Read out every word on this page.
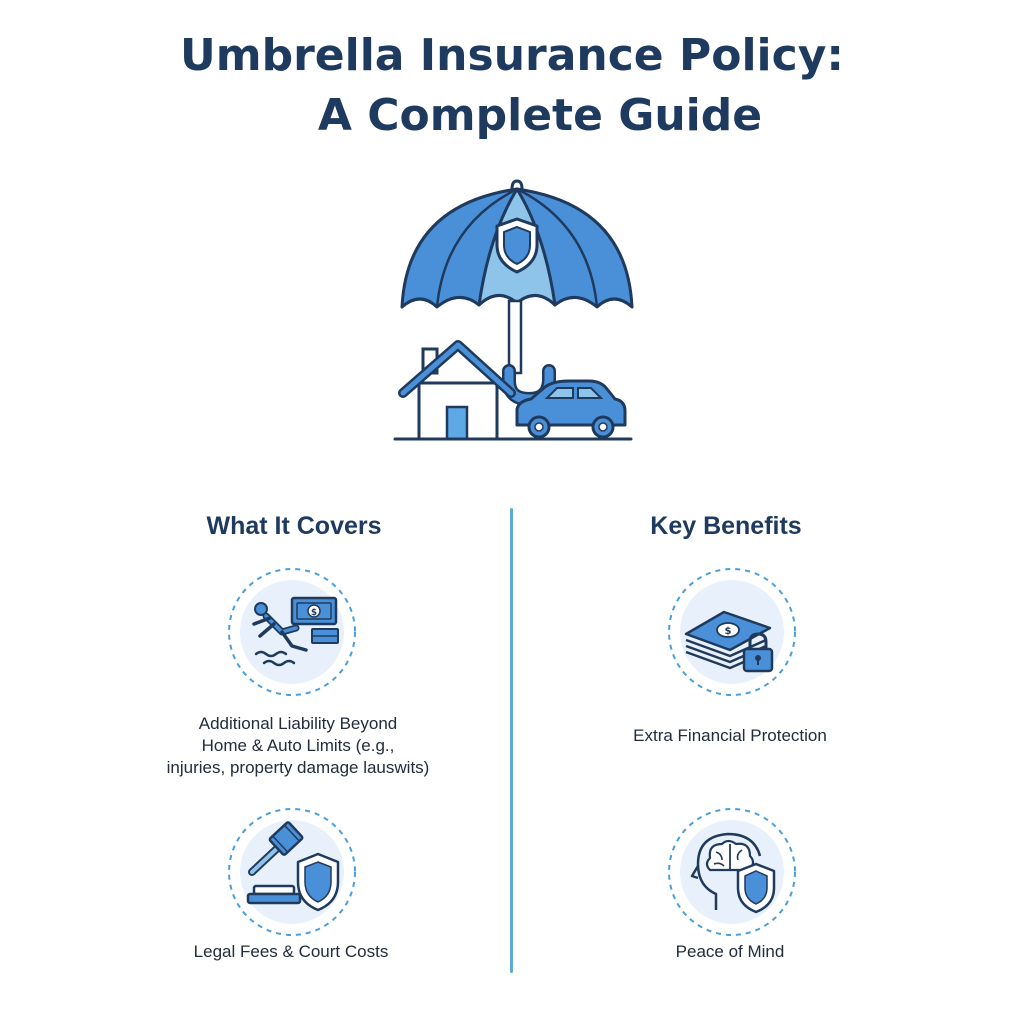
Umbrella Insurance Policy:
A Complete Guide
What It Covers
$
Additional Liability Beyond
Home & Auto Limits (e.g.,
injuries, property damage lauswits)
Legal Fees & Court Costs
Key Benefits
$
Extra Financial Protection
Peace of Mind
